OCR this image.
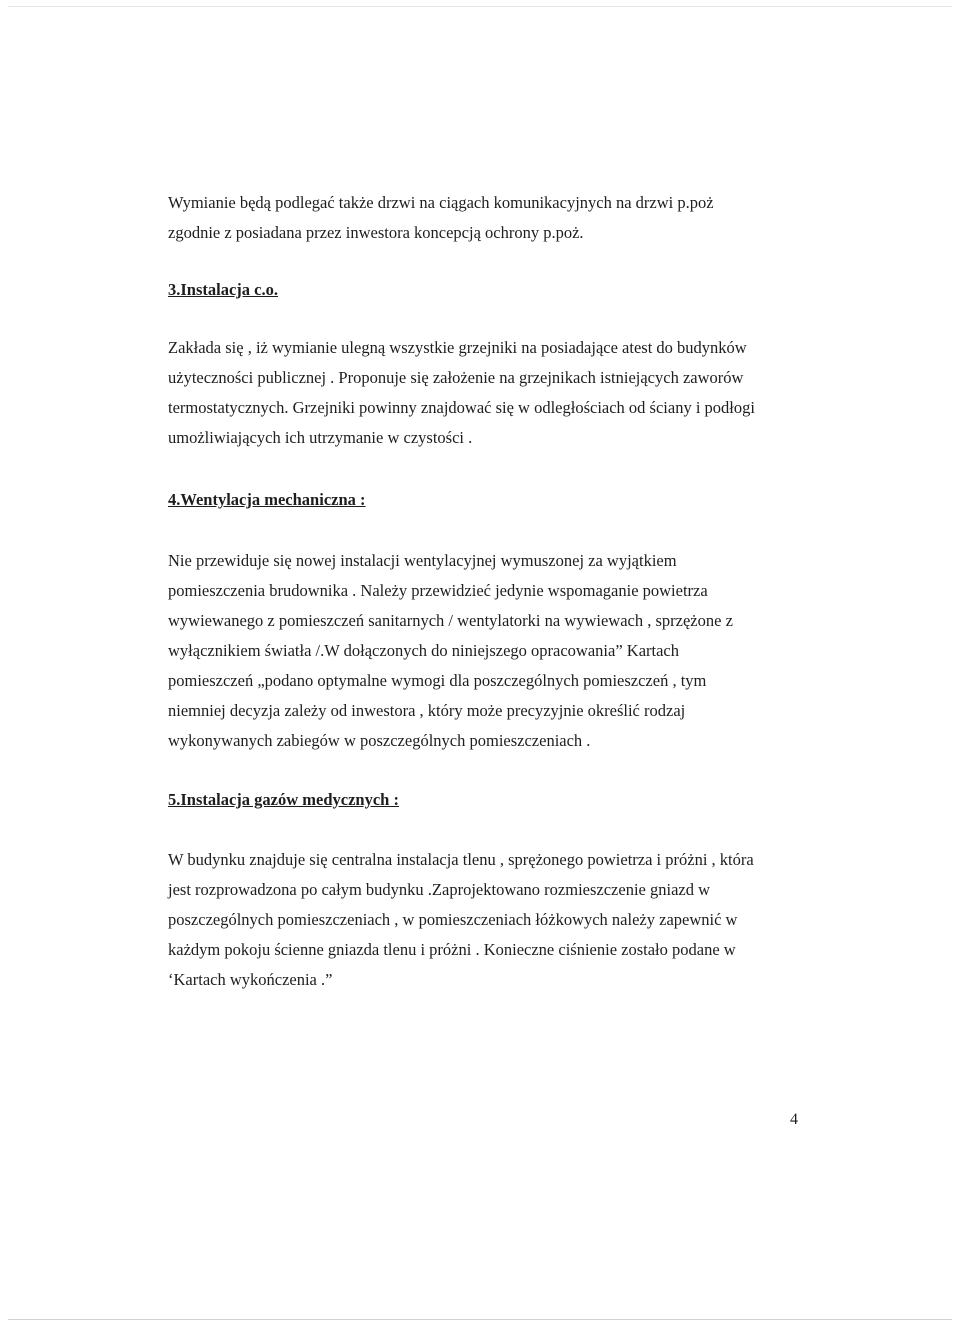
Wymianie będą podlegać także drzwi na ciągach komunikacyjnych na drzwi p.poż
zgodnie z posiadana przez inwestora koncepcją ochrony p.poż.

3.Instalacja c.o.

Zakłada się , iż wymianie ulegną wszystkie grzejniki na posiadające atest do budynków
użyteczności publicznej . Proponuje się założenie na grzejnikach istniejących zaworów
termostatycznych. Grzejniki powinny znajdować się w odległościach od ściany i podłogi
umożliwiających ich utrzymanie w czystości .

4.Wentylacja mechaniczna :

Nie przewiduje się nowej instalacji wentylacyjnej wymuszonej za wyjątkiem
pomieszczenia brudownika . Należy przewidzieć jedynie wspomaganie powietrza
wywiewanego z pomieszczeń sanitarnych / wentylatorki na wywiewach , sprzężone z
wyłącznikiem światła /.W dołączonych do niniejszego opracowania” Kartach
pomieszczeń „podano optymalne wymogi dla poszczególnych pomieszczeń , tym
niemniej decyzja zależy od inwestora , który może precyzyjnie określić rodzaj
wykonywanych zabiegów w poszczególnych pomieszczeniach .

5.Instalacja gazów medycznych :

W budynku znajduje się centralna instalacja tlenu , sprężonego powietrza i próżni , która
jest rozprowadzona po całym budynku .Zaprojektowano rozmieszczenie gniazd w
poszczególnych pomieszczeniach , w pomieszczeniach łóżkowych należy zapewnić w
każdym pokoju ścienne gniazda tlenu i próżni . Konieczne ciśnienie zostało podane w
‘Kartach wykończenia .”

4
